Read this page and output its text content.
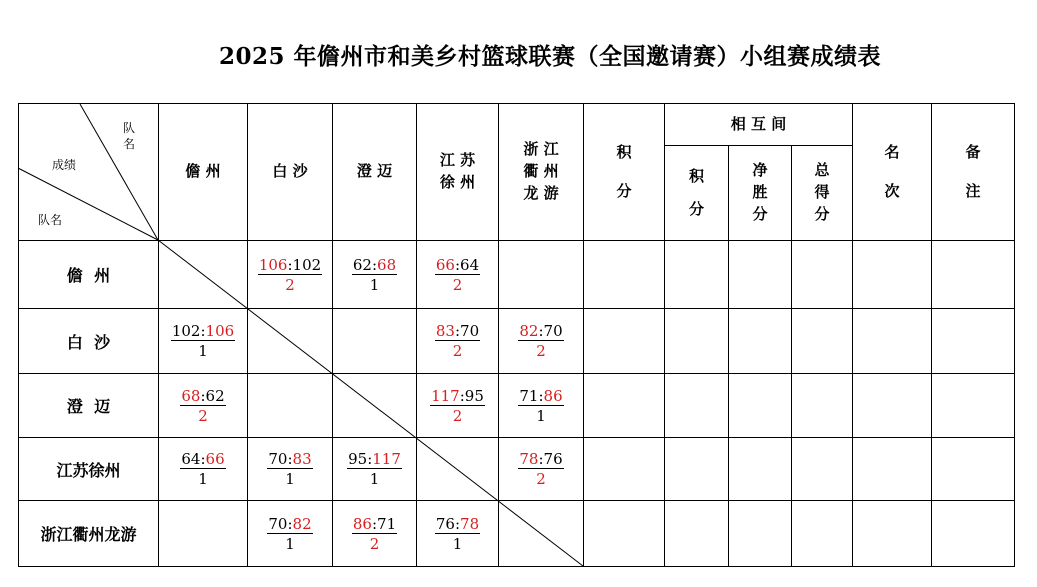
2025 年儋州市和美乡村篮球联赛（全国邀请赛）小组赛成绩表
队名
成绩
队名
儋 州	白 沙	澄 迈
江 苏
徐 州
浙 江
衢 州
龙 游
积
分
相 互 间
积
分
净
胜
分
总
得
分
名
次
备
注
儋  州
白  沙
澄  迈
江苏徐州
浙江衢州龙游
106:102
2
62:68
1
66:64
2
102:106
1
83:70
2
82:70
2
68:62
2
117:95
2
71:86
1
64:66
1
70:83
1
95:117
1
78:76
2
70:82
1
86:71
2
76:78
1
